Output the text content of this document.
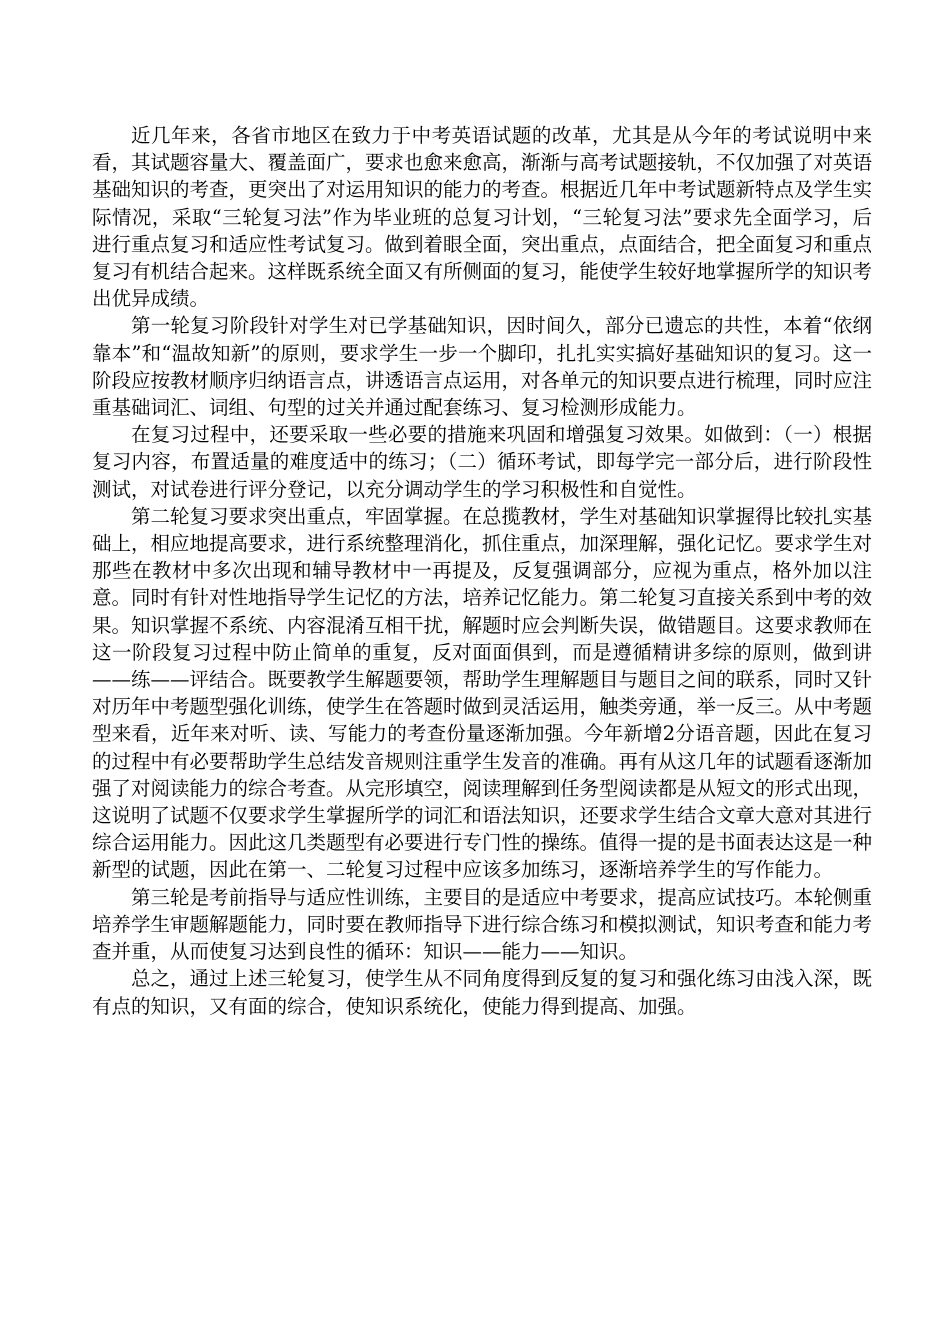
近几年来，各省市地区在致力于中考英语试题的改革，尤其是从今年的考试说明中来看，其试题容量大、覆盖面广，要求也愈来愈高，渐渐与高考试题接轨，不仅加强了对英语基础知识的考查，更突出了对运用知识的能力的考查。根据近几年中考试题新特点及学生实际情况，采取“三轮复习法”作为毕业班的总复习计划，“三轮复习法”要求先全面学习，后进行重点复习和适应性考试复习。做到着眼全面，突出重点，点面结合，把全面复习和重点复习有机结合起来。这样既系统全面又有所侧面的复习，能使学生较好地掌握所学的知识考出优异成绩。

第一轮复习阶段针对学生对已学基础知识，因时间久，部分已遗忘的共性，本着“依纲靠本”和“温故知新”的原则，要求学生一步一个脚印，扎扎实实搞好基础知识的复习。这一阶段应按教材顺序归纳语言点，讲透语言点运用，对各单元的知识要点进行梳理，同时应注重基础词汇、词组、句型的过关并通过配套练习、复习检测形成能力。

在复习过程中，还要采取一些必要的措施来巩固和增强复习效果。如做到：（一）根据复习内容，布置适量的难度适中的练习；（二）循环考试，即每学完一部分后，进行阶段性测试，对试卷进行评分登记，以充分调动学生的学习积极性和自觉性。

第二轮复习要求突出重点，牢固掌握。在总揽教材，学生对基础知识掌握得比较扎实基础上，相应地提高要求，进行系统整理消化，抓住重点，加深理解，强化记忆。要求学生对那些在教材中多次出现和辅导教材中一再提及，反复强调部分，应视为重点，格外加以注意。同时有针对性地指导学生记忆的方法，培养记忆能力。第二轮复习直接关系到中考的效果。知识掌握不系统、内容混淆互相干扰，解题时应会判断失误，做错题目。这要求教师在这一阶段复习过程中防止简单的重复，反对面面俱到，而是遵循精讲多综的原则，做到讲——练——评结合。既要教学生解题要领，帮助学生理解题目与题目之间的联系，同时又针对历年中考题型强化训练，使学生在答题时做到灵活运用，触类旁通，举一反三。从中考题型来看，近年来对听、读、写能力的考查份量逐渐加强。今年新增2分语音题，因此在复习的过程中有必要帮助学生总结发音规则注重学生发音的准确。再有从这几年的试题看逐渐加强了对阅读能力的综合考查。从完形填空，阅读理解到任务型阅读都是从短文的形式出现，这说明了试题不仅要求学生掌握所学的词汇和语法知识，还要求学生结合文章大意对其进行综合运用能力。因此这几类题型有必要进行专门性的操练。值得一提的是书面表达这是一种新型的试题，因此在第一、二轮复习过程中应该多加练习，逐渐培养学生的写作能力。

第三轮是考前指导与适应性训练，主要目的是适应中考要求，提高应试技巧。本轮侧重培养学生审题解题能力，同时要在教师指导下进行综合练习和模拟测试，知识考查和能力考查并重，从而使复习达到良性的循环：知识——能力——知识。

总之，通过上述三轮复习，使学生从不同角度得到反复的复习和强化练习由浅入深，既有点的知识，又有面的综合，使知识系统化，使能力得到提高、加强。
